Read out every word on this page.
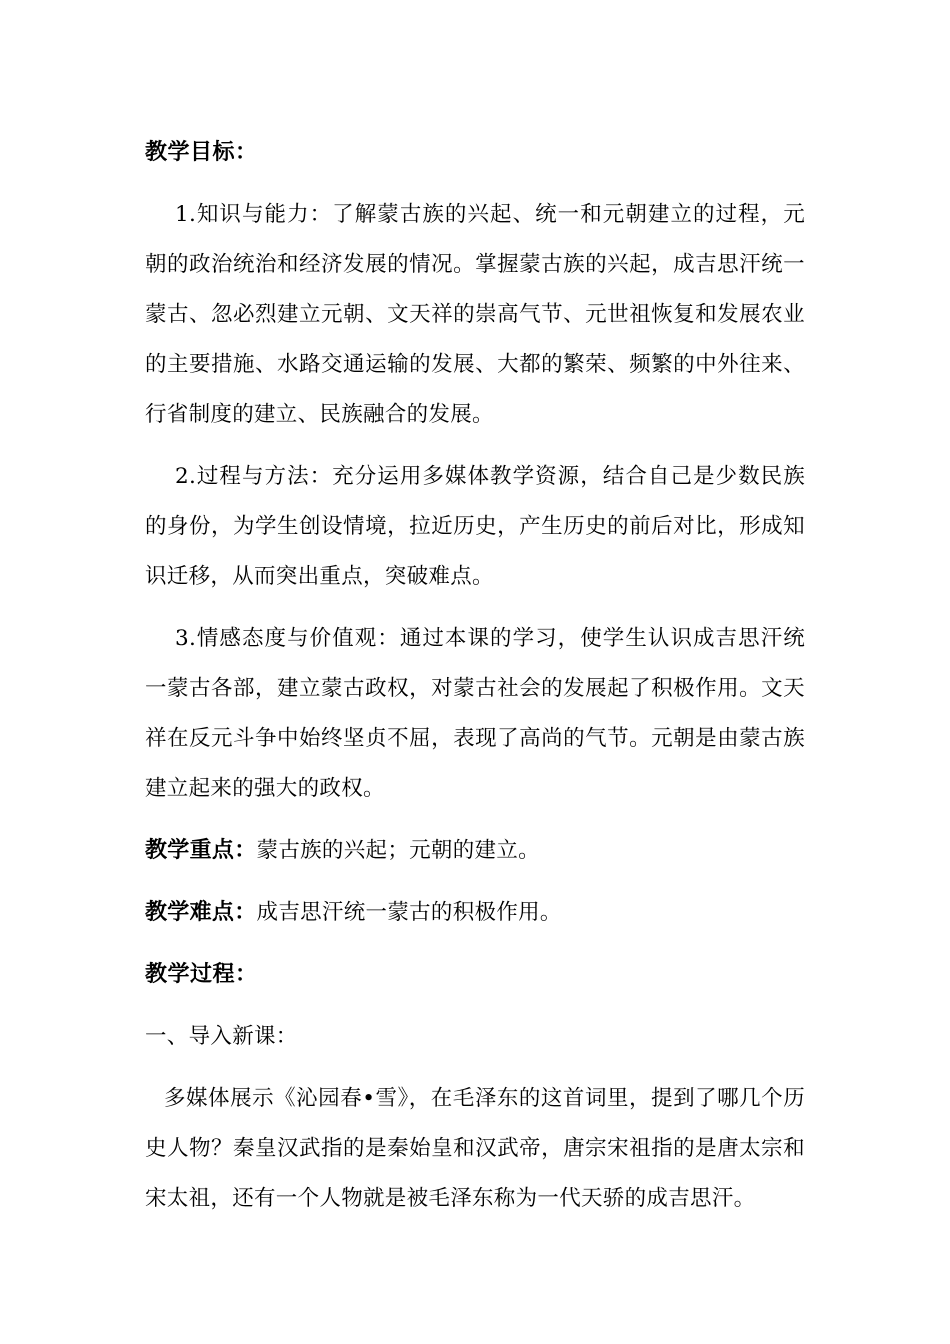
教学目标：

1.知识与能力：了解蒙古族的兴起、统一和元朝建立的过程，元朝的政治统治和经济发展的情况。掌握蒙古族的兴起，成吉思汗统一蒙古、忽必烈建立元朝、文天祥的崇高气节、元世祖恢复和发展农业的主要措施、水路交通运输的发展、大都的繁荣、频繁的中外往来、行省制度的建立、民族融合的发展。

2.过程与方法：充分运用多媒体教学资源，结合自己是少数民族的身份，为学生创设情境，拉近历史，产生历史的前后对比，形成知识迁移，从而突出重点，突破难点。

3.情感态度与价值观：通过本课的学习，使学生认识成吉思汗统一蒙古各部，建立蒙古政权，对蒙古社会的发展起了积极作用。文天祥在反元斗争中始终坚贞不屈，表现了高尚的气节。元朝是由蒙古族建立起来的强大的政权。

教学重点：蒙古族的兴起；元朝的建立。

教学难点：成吉思汗统一蒙古的积极作用。

教学过程：

一、导入新课：

多媒体展示《沁园春•雪》，在毛泽东的这首词里，提到了哪几个历史人物？秦皇汉武指的是秦始皇和汉武帝，唐宗宋祖指的是唐太宗和宋太祖，还有一个人物就是被毛泽东称为一代天骄的成吉思汗。
